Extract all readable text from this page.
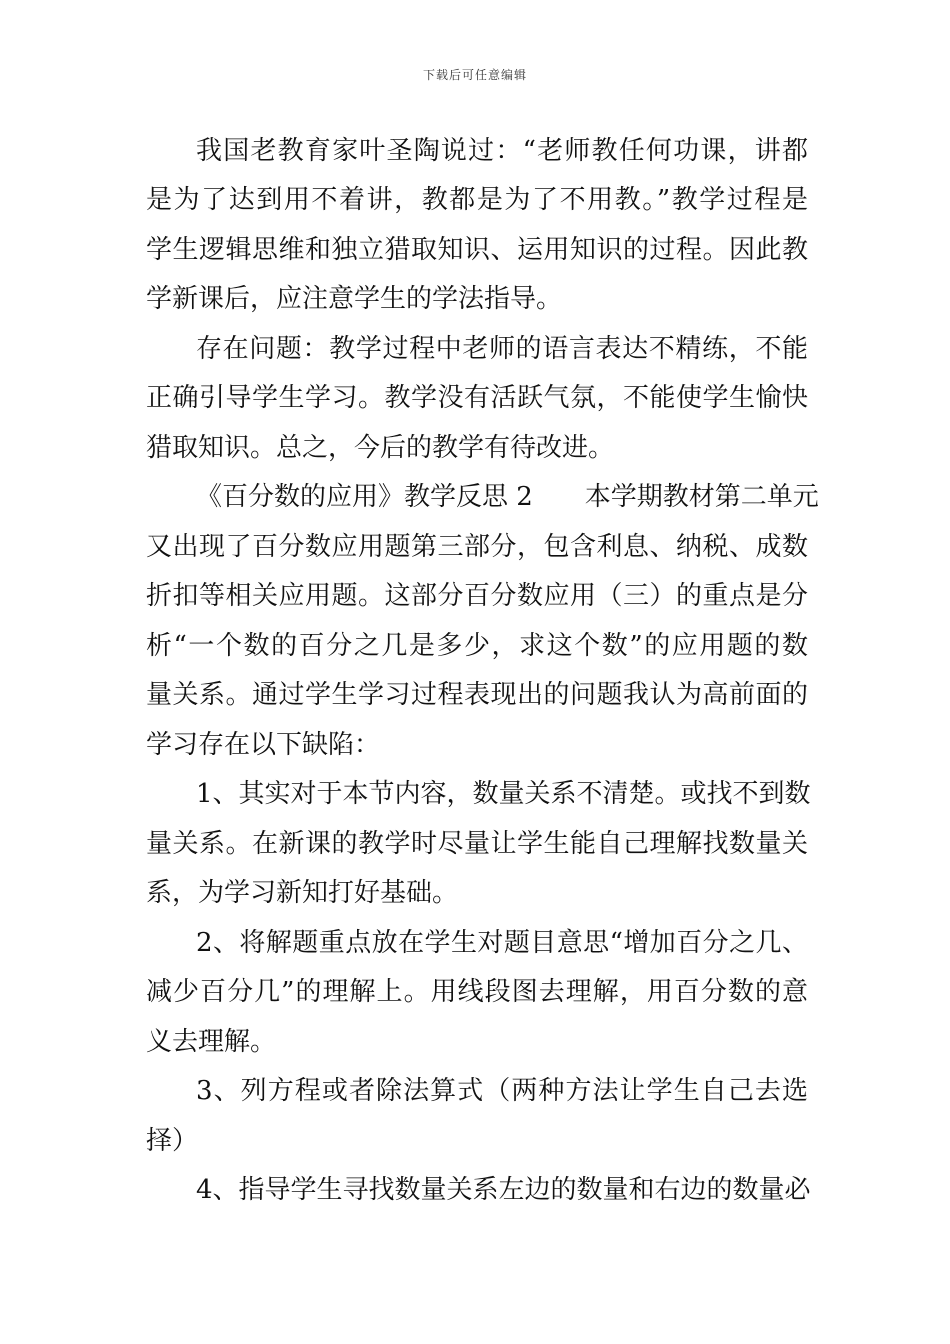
下载后可任意编辑
我国老教育家叶圣陶说过：“老师教任何功课，讲都
是为了达到用不着讲，教都是为了不用教。”教学过程是
学生逻辑思维和独立猎取知识、运用知识的过程。因此教
学新课后，应注意学生的学法指导。
存在问题：教学过程中老师的语言表达不精练，不能
正确引导学生学习。教学没有活跃气氛，不能使学生愉快
猎取知识。总之，今后的教学有待改进。
《百分数的应用》教学反思 2　　本学期教材第二单元
又出现了百分数应用题第三部分，包含利息、纳税、成数
折扣等相关应用题。这部分百分数应用（三）的重点是分
析“一个数的百分之几是多少，求这个数”的应用题的数
量关系。通过学生学习过程表现出的问题我认为高前面的
学习存在以下缺陷：
1、其实对于本节内容，数量关系不清楚。或找不到数
量关系。在新课的教学时尽量让学生能自己理解找数量关
系，为学习新知打好基础。
2、将解题重点放在学生对题目意思“增加百分之几、
减少百分几”的理解上。用线段图去理解，用百分数的意
义去理解。
3、列方程或者除法算式（两种方法让学生自己去选
择）
4、指导学生寻找数量关系左边的数量和右边的数量必
